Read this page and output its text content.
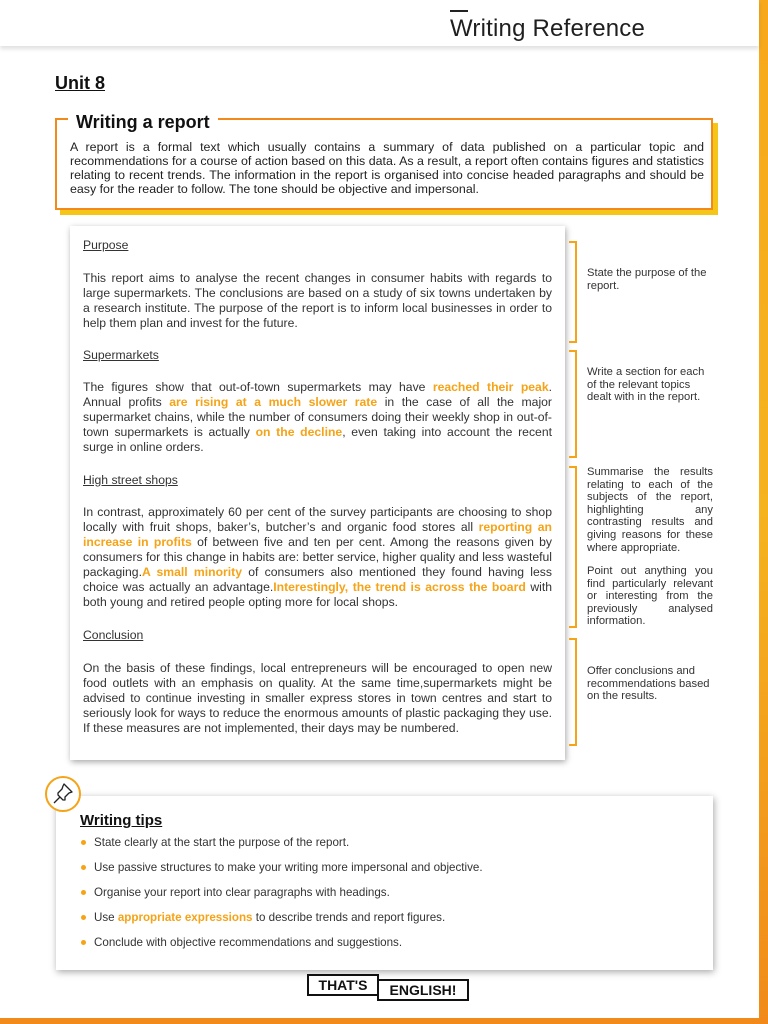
Writing Reference
Unit 8
Writing a report
A report is a formal text which usually contains a summary of data published on a particular topic and recommendations for a course of action based on this data. As a result, a report often contains figures and statistics relating to recent trends. The information in the report is organised into concise headed paragraphs and should be easy for the reader to follow. The tone should be objective and impersonal.
Purpose
This report aims to analyse the recent changes in consumer habits with regards to large supermarkets. The conclusions are based on a study of six towns undertaken by a research institute. The purpose of the report is to inform local businesses in order to help them plan and invest for the future.
Supermarkets
The figures show that out-of-town supermarkets may have reached their peak. Annual profits are rising at a much slower rate in the case of all the major supermarket chains, while the number of consumers doing their weekly shop in out-of-town supermarkets is actually on the decline, even taking into account the recent surge in online orders.
High street shops
In contrast, approximately 60 per cent of the survey participants are choosing to shop locally with fruit shops, baker’s, butcher’s and organic food stores all reporting an increase in profits of between five and ten per cent. Among the reasons given by consumers for this change in habits are: better service, higher quality and less wasteful packaging.A small minority of consumers also mentioned they found having less choice was actually an advantage.Interestingly, the trend is across the board with both young and retired people opting more for local shops.
Conclusion
On the basis of these findings, local entrepreneurs will be encouraged to open new food outlets with an emphasis on quality. At the same time,supermarkets might be advised to continue investing in smaller express stores in town centres and start to seriously look for ways to reduce the enormous amounts of plastic packaging they use. If these measures are not implemented, their days may be numbered.
State the purpose of the report.
Write a section for each of the relevant topics dealt with in the report.
Summarise the results relating to each of the subjects of the report, highlighting any contrasting results and giving reasons for these where appropriate.
Point out anything you find particularly relevant or interesting from the previously analysed information.
Offer conclusions and recommendations based on the results.
Writing tips
State clearly at the start the purpose of the report.
Use passive structures to make your writing more impersonal and objective.
Organise your report into clear paragraphs with headings.
Use appropriate expressions to describe trends and report figures.
Conclude with objective recommendations and suggestions.
THAT'S ENGLISH!
